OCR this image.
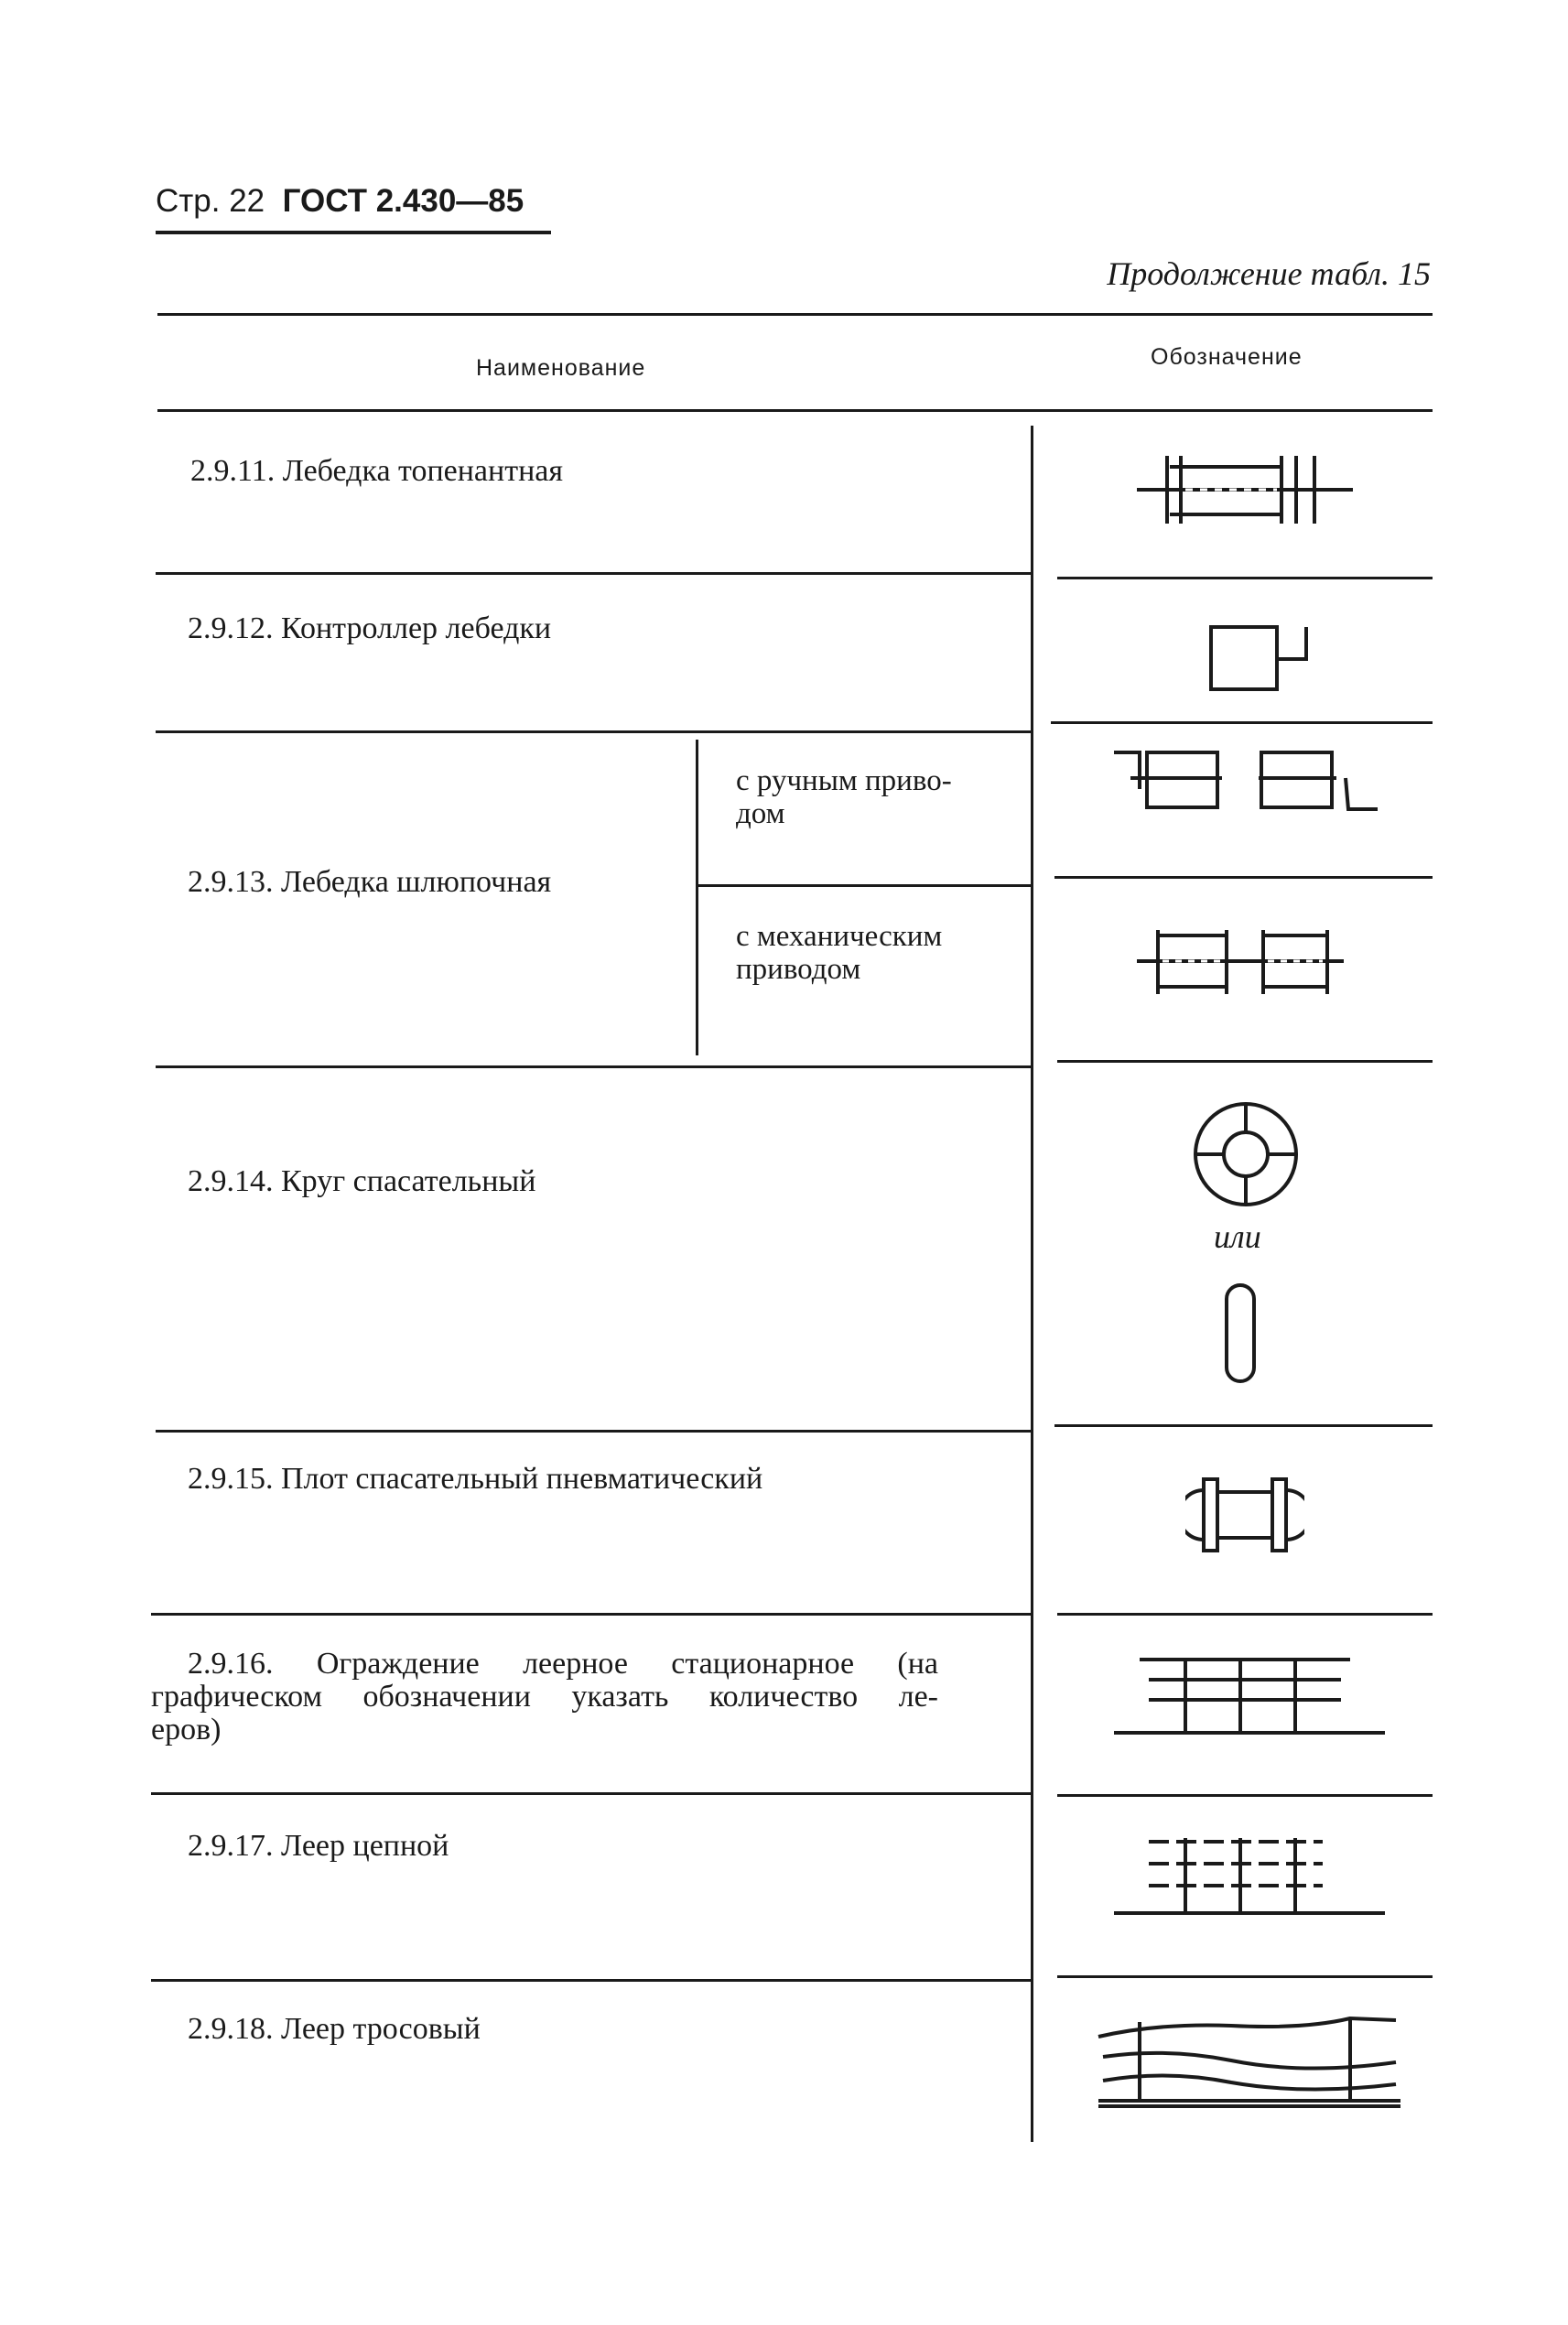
Стр. 22 ГОСТ 2.430—85
Продолжение табл. 15
Наименование	Обозначение
2.9.11. Лебедка топенантная
2.9.12. Контроллер лебедки
2.9.13. Лебедка шлюпочная
с ручным приво-
дом
с механическим
приводом
2.9.14. Круг спасательный
2.9.15. Плот спасательный пневматический
2.9.16. Ограждение леерное стационарное (на
графическом обозначении указать количество ле-
еров)
2.9.17. Леер цепной
2.9.18. Леер тросовый
или
